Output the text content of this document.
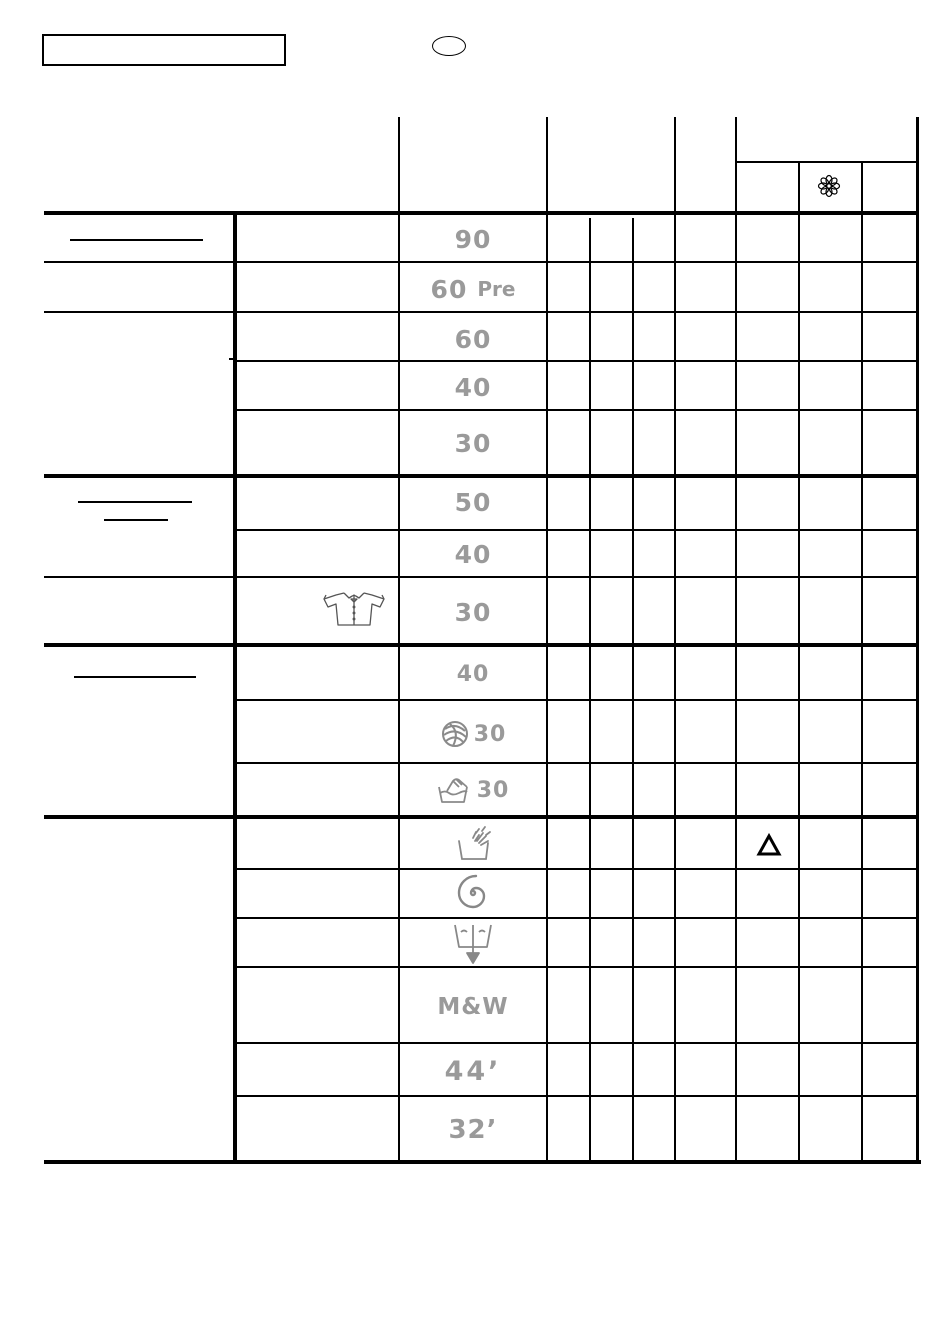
90
60 Pre
60
40
30
50
40
30
40
30
30
M&W
44’
32’
